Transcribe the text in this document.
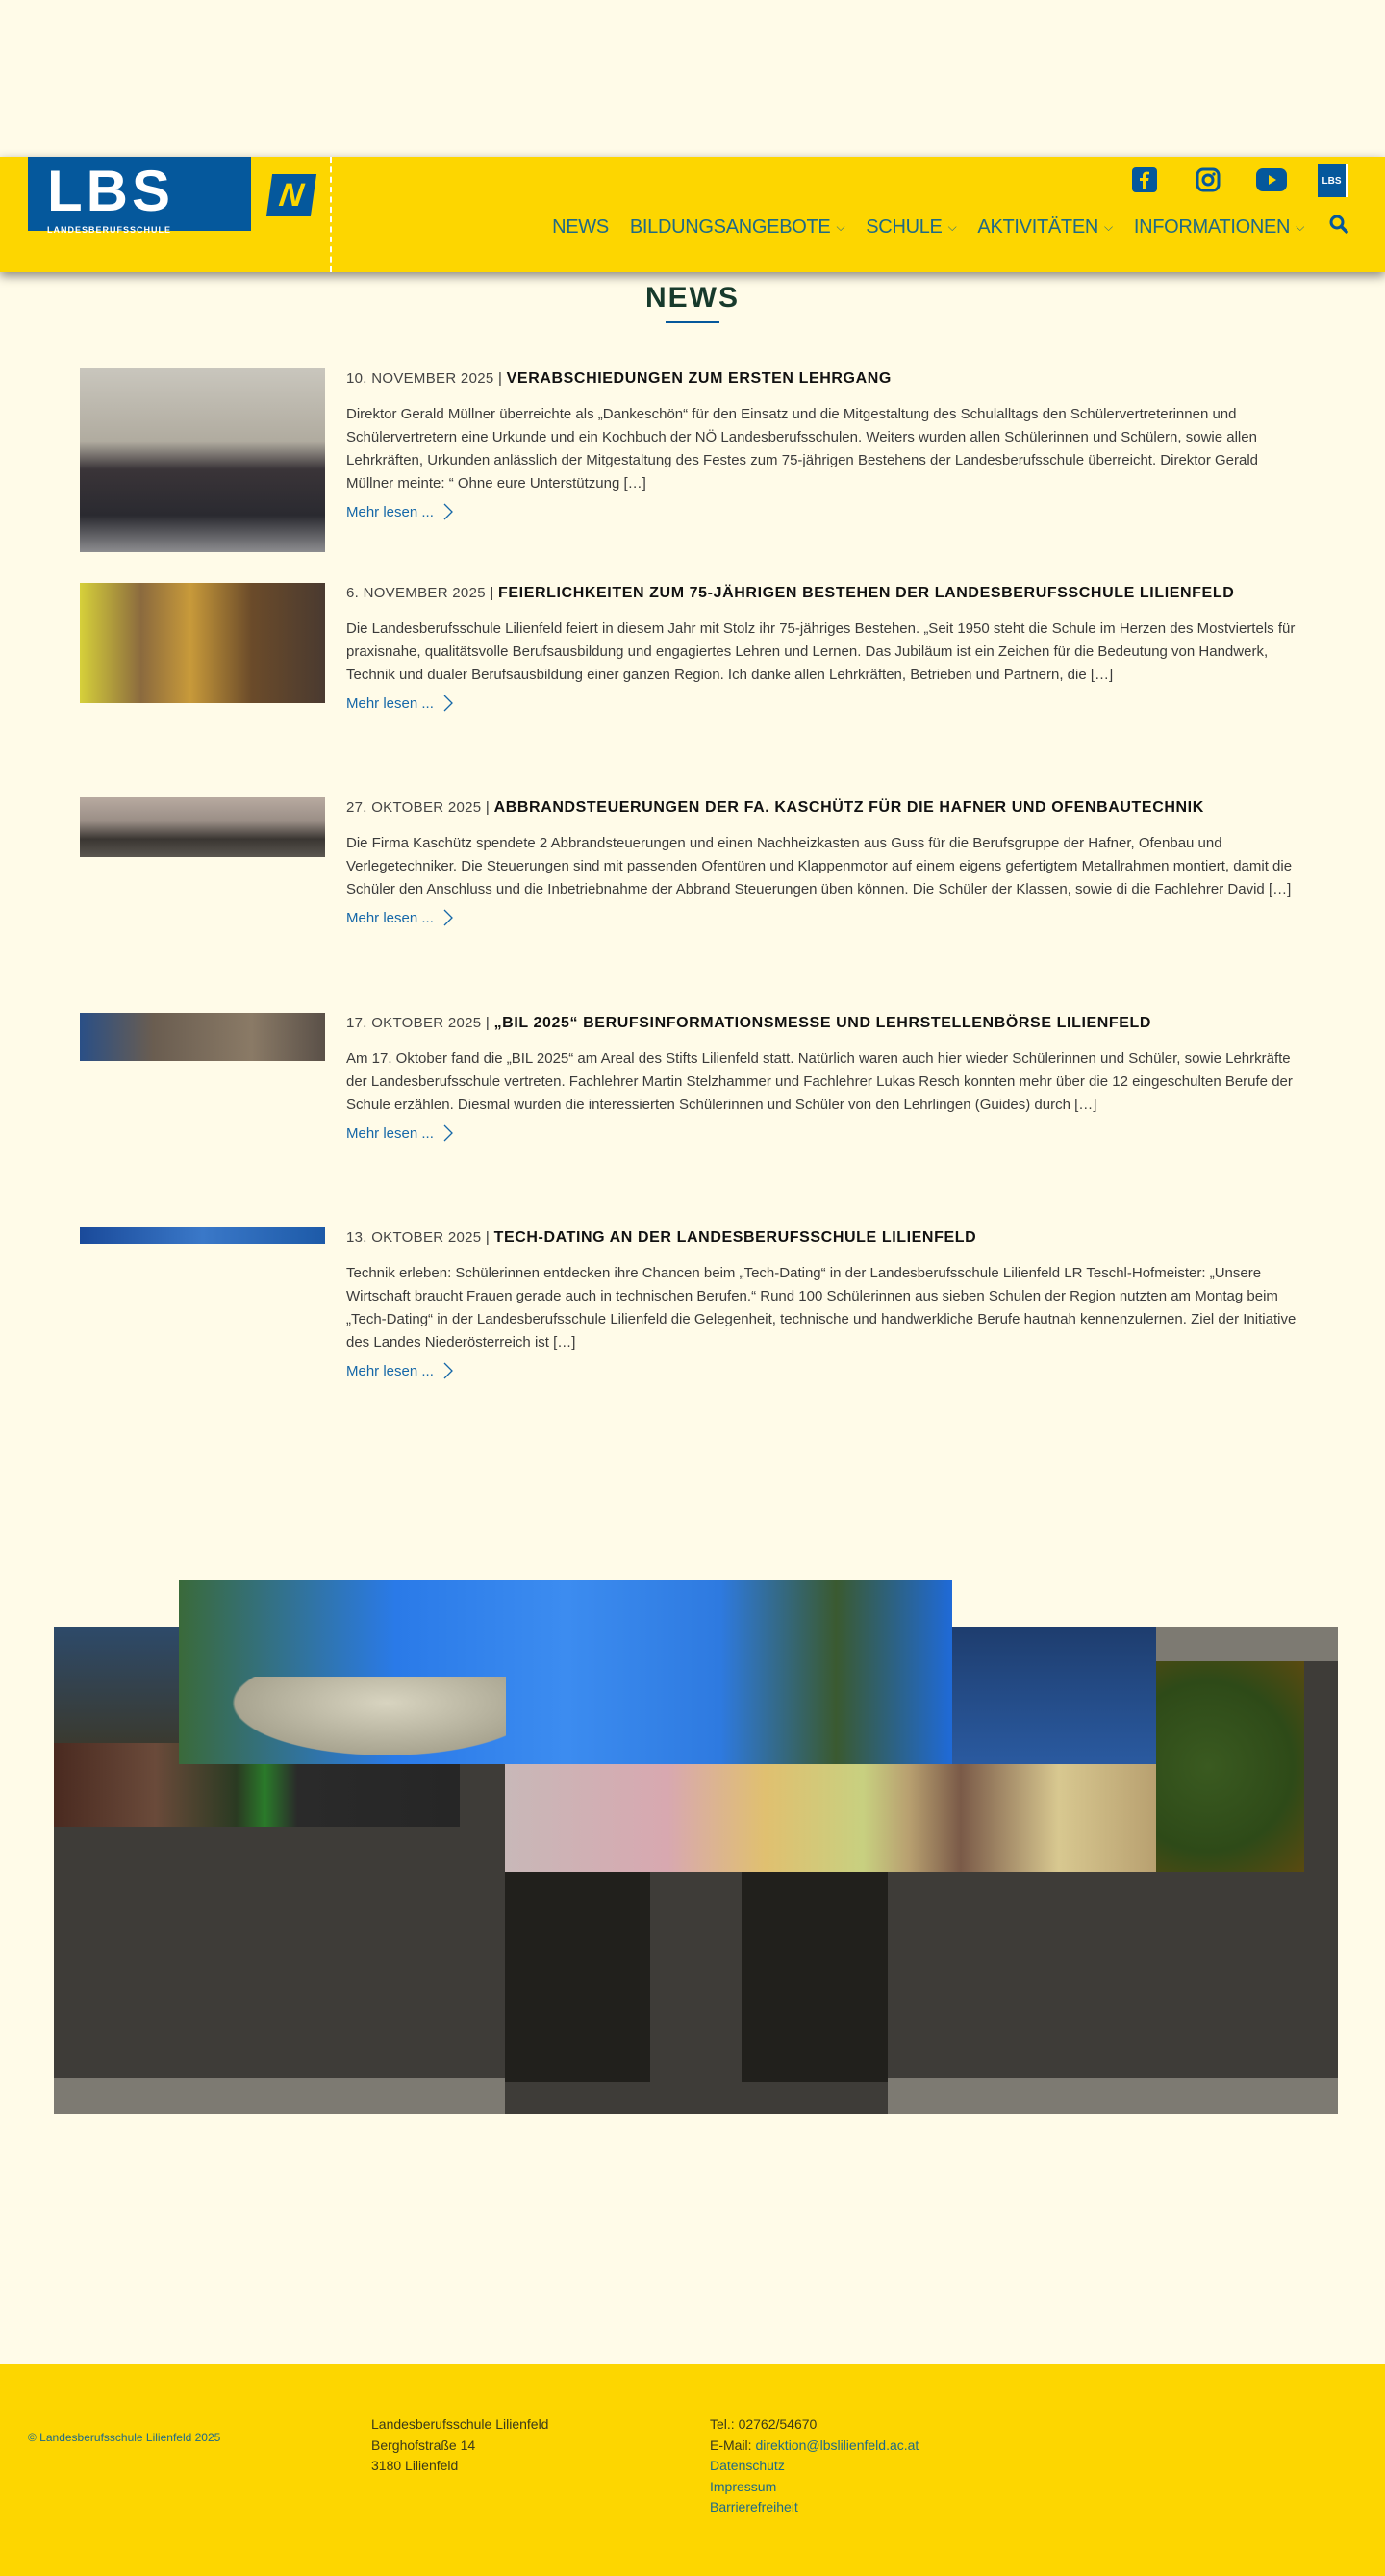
LBS
LANDESBERUFSSCHULE
N	LBS
NEWS BILDUNGSANGEBOTE ⌵ SCHULE ⌵ AKTIVITÄTEN ⌵ INFORMATIONEN ⌵
NEWS
10. NOVEMBER 2025 | VERABSCHIEDUNGEN ZUM ERSTEN LEHRGANG

Direktor Gerald Müllner überreichte als „Dankeschön“ für den Einsatz und die Mitgestaltung des Schulalltags den Schülervertreterinnen und Schülervertretern eine Urkunde und ein Kochbuch der NÖ Landesberufsschulen. Weiters wurden allen Schülerinnen und Schülern, sowie allen Lehrkräften, Urkunden anlässlich der Mitgestaltung des Festes zum 75-jährigen Bestehens der Landesberufsschule überreicht. Direktor Gerald Müllner meinte: “ Ohne eure Unterstützung […]

Mehr lesen ...
6. NOVEMBER 2025 | FEIERLICHKEITEN ZUM 75-JÄHRIGEN BESTEHEN DER LANDESBERUFSSCHULE LILIENFELD

Die Landesberufsschule Lilienfeld feiert in diesem Jahr mit Stolz ihr 75-jähriges Bestehen. „Seit 1950 steht die Schule im Herzen des Mostviertels für praxisnahe, qualitätsvolle Berufsausbildung und engagiertes Lehren und Lernen. Das Jubiläum ist ein Zeichen für die Bedeutung von Handwerk, Technik und dualer Berufsausbildung einer ganzen Region. Ich danke allen Lehrkräften, Betrieben und Partnern, die […]

Mehr lesen ...
27. OKTOBER 2025 | ABBRANDSTEUERUNGEN DER FA. KASCHÜTZ FÜR DIE HAFNER UND OFENBAUTECHNIK

Die Firma Kaschütz spendete 2 Abbrandsteuerungen und einen Nachheizkasten aus Guss für die Berufsgruppe der Hafner, Ofenbau und Verlegetechniker. Die Steuerungen sind mit passenden Ofentüren und Klappenmotor auf einem eigens gefertigtem Metallrahmen montiert, damit die Schüler den Anschluss und die Inbetriebnahme der Abbrand Steuerungen üben können. Die Schüler der Klassen, sowie di die Fachlehrer David […]

Mehr lesen ...
17. OKTOBER 2025 | „BIL 2025“ BERUFSINFORMATIONSMESSE UND LEHRSTELLENBÖRSE LILIENFELD

Am 17. Oktober fand die „BIL 2025“ am Areal des Stifts Lilienfeld statt. Natürlich waren auch hier wieder Schülerinnen und Schüler, sowie Lehrkräfte der Landesberufsschule vertreten. Fachlehrer Martin Stelzhammer und Fachlehrer Lukas Resch konnten mehr über die 12 eingeschulten Berufe der Schule erzählen. Diesmal wurden die interessierten Schülerinnen und Schüler von den Lehrlingen (Guides) durch […]

Mehr lesen ...
13. OKTOBER 2025 | TECH-DATING AN DER LANDESBERUFSSCHULE LILIENFELD

Technik erleben: Schülerinnen entdecken ihre Chancen beim „Tech-Dating“ in der Landesberufsschule Lilienfeld LR Teschl-Hofmeister: „Unsere Wirtschaft braucht Frauen gerade auch in technischen Berufen.“ Rund 100 Schülerinnen aus sieben Schulen der Region nutzten am Montag beim „Tech-Dating“ in der Landesberufsschule Lilienfeld die Gelegenheit, technische und handwerkliche Berufe hautnah kennenzulernen. Ziel der Initiative des Landes Niederösterreich ist […]

Mehr lesen ...
© Landesberufsschule Lilienfeld 2025
Landesberufsschule Lilienfeld
Berghofstraße 14
3180 Lilienfeld
Tel.: 02762/54670
E-Mail: direktion@lbslilienfeld.ac.at
Datenschutz
Impressum
Barrierefreiheit
